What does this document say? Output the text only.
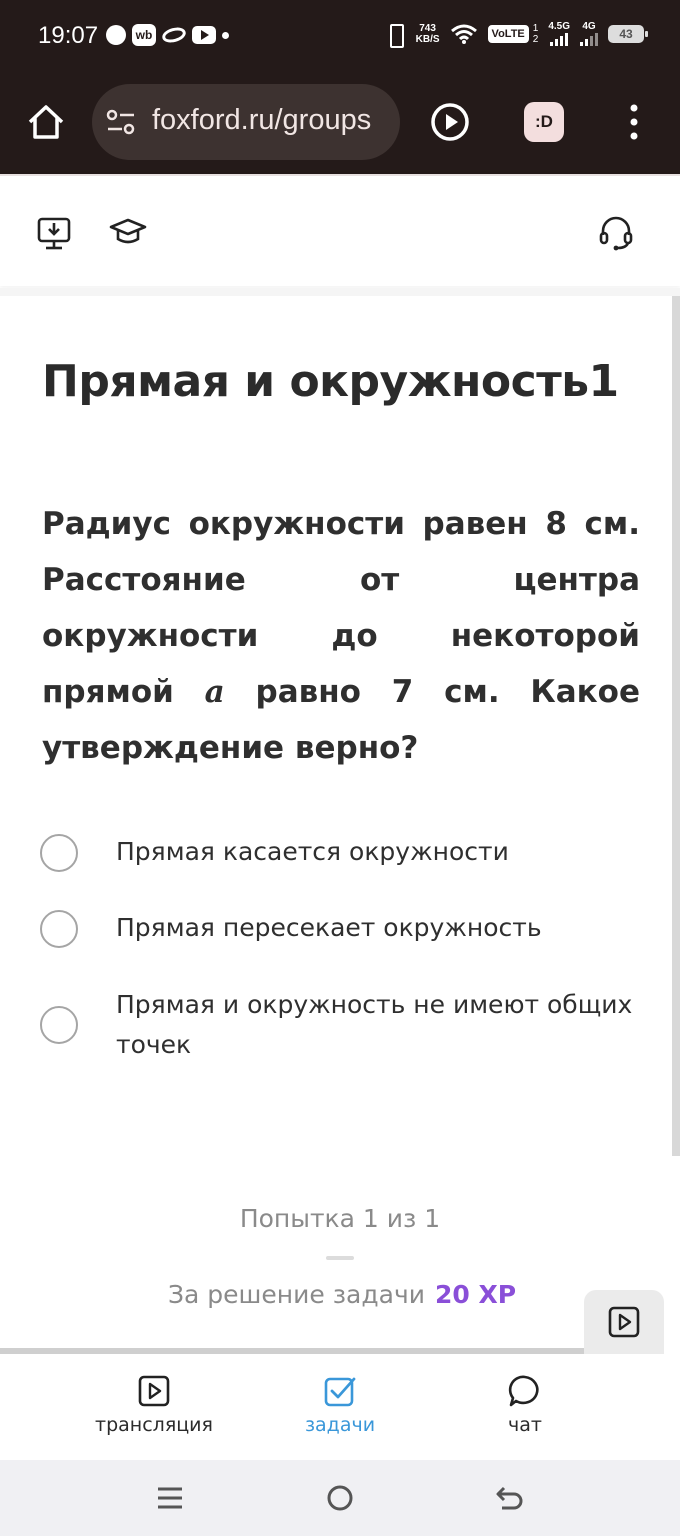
19:07	wb	743
KB/S	VoLTE 1
2
4.5G 4G
43
foxford.ru/groups	:D
Прямая и окружность1

Радиус окружности равен 8 см. Расстояние от центра окружности до некоторой прямой a равно 7 см. Какое утверждение верно?

Прямая касается окружности
Прямая пересекает окружность
Прямая и окружность не имеют общих точек
Попытка 1 из 1
За решение задачи 20 XP
трансляция	задачи	чат
